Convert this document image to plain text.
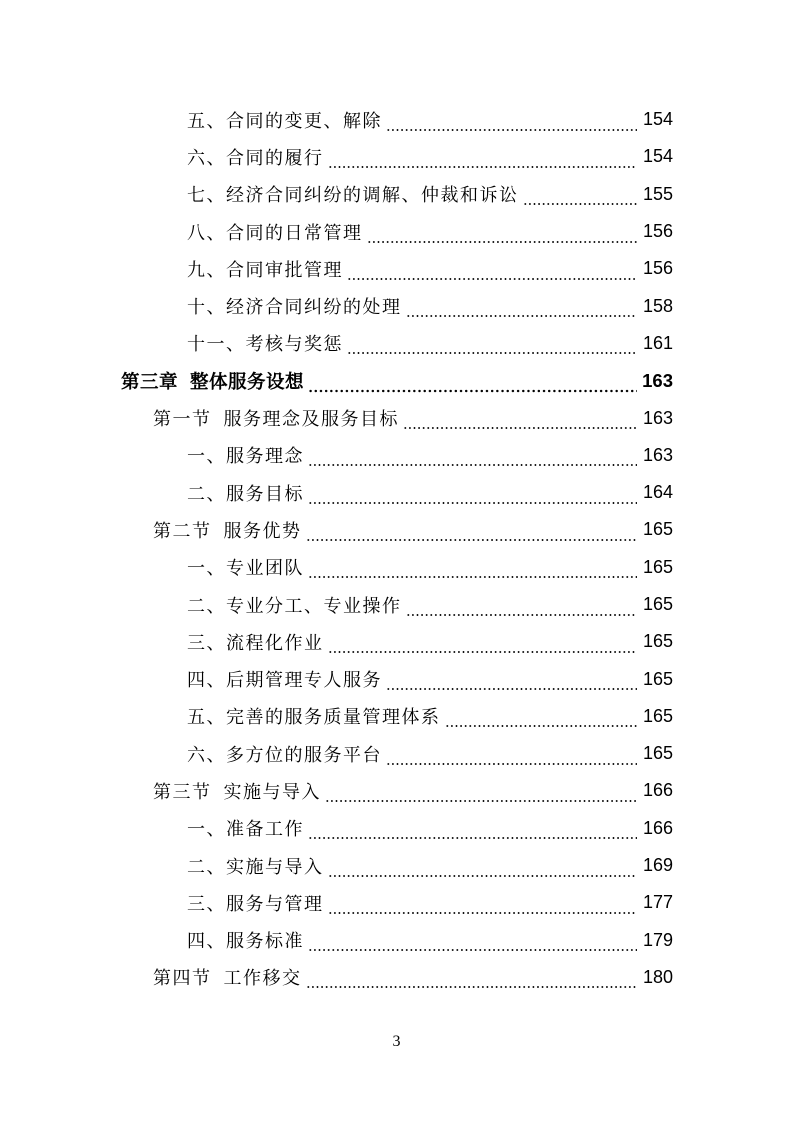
五、合同的变更、解除	154
六、合同的履行	154
七、经济合同纠纷的调解、仲裁和诉讼	155
八、合同的日常管理	156
九、合同审批管理	156
十、经济合同纠纷的处理	158
十一、考核与奖惩	161
第三章 整体服务设想	163
第一节 服务理念及服务目标	163
一、服务理念	163
二、服务目标	164
第二节 服务优势	165
一、专业团队	165
二、专业分工、专业操作	165
三、流程化作业	165
四、后期管理专人服务	165
五、完善的服务质量管理体系	165
六、多方位的服务平台	165
第三节 实施与导入	166
一、准备工作	166
二、实施与导入	169
三、服务与管理	177
四、服务标准	179
第四节 工作移交	180
3
